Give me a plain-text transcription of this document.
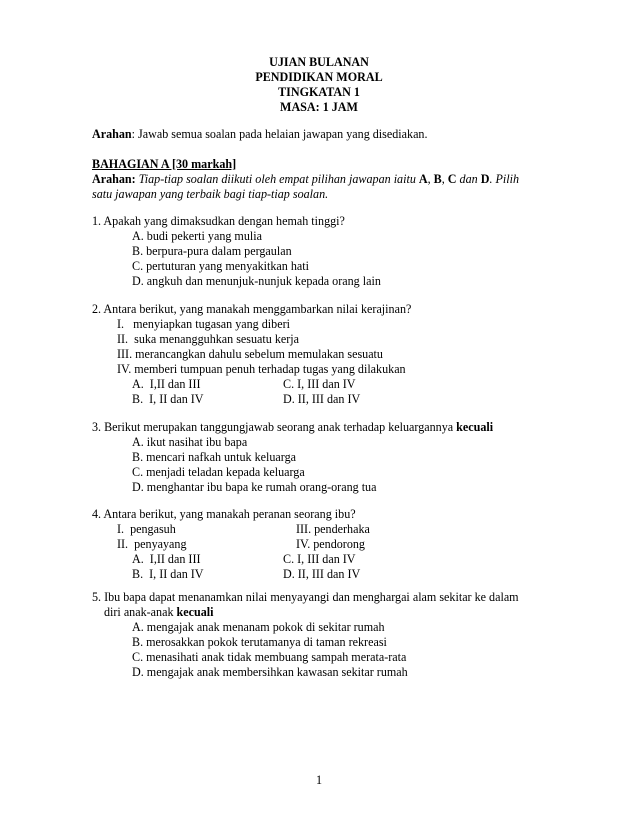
UJIAN BULANAN
PENDIDIKAN MORAL
TINGKATAN 1
MASA: 1 JAM
Arahan: Jawab semua soalan pada helaian jawapan yang disediakan.
BAHAGIAN A [30 markah]
Arahan: Tiap-tiap soalan diikuti oleh empat pilihan jawapan iaitu A, B, C dan D. Pilih
satu jawapan yang terbaik bagi tiap-tiap soalan.
1. Apakah yang dimaksudkan dengan hemah tinggi?
A. budi pekerti yang mulia
B. berpura-pura dalam pergaulan
C. pertuturan yang menyakitkan hati
D. angkuh dan menunjuk-nunjuk kepada orang lain
2. Antara berikut, yang manakah menggambarkan nilai kerajinan?
I.   menyiapkan tugasan yang diberi
II.  suka menangguhkan sesuatu kerja
III. merancangkan dahulu sebelum memulakan sesuatu
IV. memberi tumpuan penuh terhadap tugas yang dilakukan
A.  I,II dan III	C. I, III dan IV
B.  I, II dan IV	D. II, III dan IV
3. Berikut merupakan tanggungjawab seorang anak terhadap keluargannya kecuali
A. ikut nasihat ibu bapa
B. mencari nafkah untuk keluarga
C. menjadi teladan kepada keluarga
D. menghantar ibu bapa ke rumah orang-orang tua
4. Antara berikut, yang manakah peranan seorang ibu?
I.  pengasuh	III. penderhaka
II.  penyayang	IV. pendorong
A.  I,II dan III	C. I, III dan IV
B.  I, II dan IV	D. II, III dan IV
5. Ibu bapa dapat menanamkan nilai menyayangi dan menghargai alam sekitar ke dalam
diri anak-anak kecuali
A. mengajak anak menanam pokok di sekitar rumah
B. merosakkan pokok terutamanya di taman rekreasi
C. menasihati anak tidak membuang sampah merata-rata
D. mengajak anak membersihkan kawasan sekitar rumah
1
